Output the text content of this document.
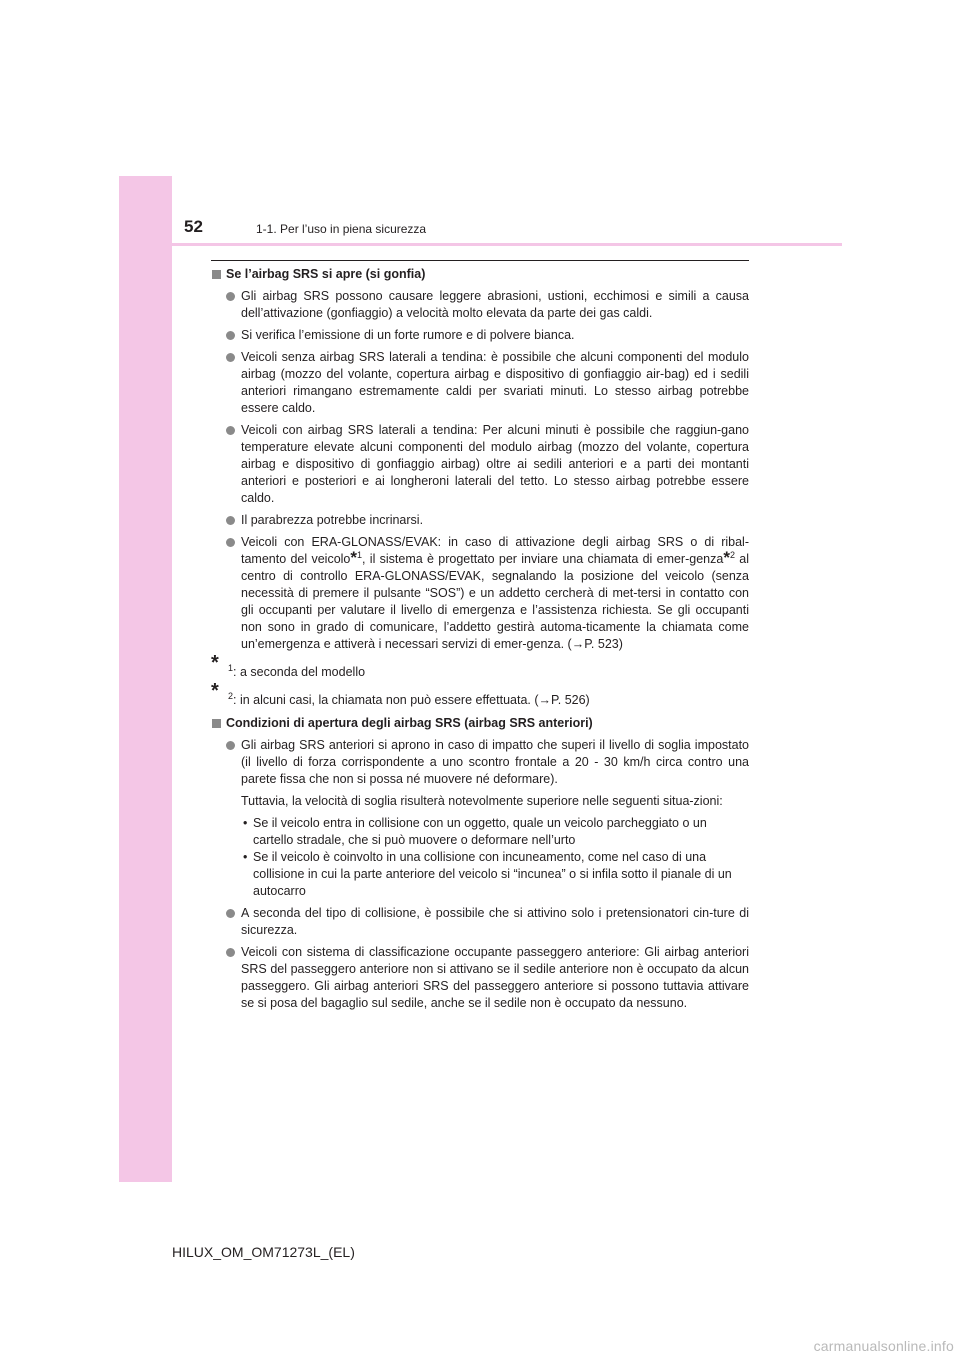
52	1-1. Per l’uso in piena sicurezza
Se l’airbag SRS si apre (si gonfia)
Gli airbag SRS possono causare leggere abrasioni, ustioni, ecchimosi e simili a causa dell’attivazione (gonfiaggio) a velocità molto elevata da parte dei gas caldi.
Si verifica l’emissione di un forte rumore e di polvere bianca.
Veicoli senza airbag SRS laterali a tendina: è possibile che alcuni componenti del modulo airbag (mozzo del volante, copertura airbag e dispositivo di gonfiaggio air-bag) ed i sedili anteriori rimangano estremamente caldi per svariati minuti. Lo stesso airbag potrebbe essere caldo.
Veicoli con airbag SRS laterali a tendina: Per alcuni minuti è possibile che raggiun-gano temperature elevate alcuni componenti del modulo airbag (mozzo del volante, copertura airbag e dispositivo di gonfiaggio airbag) oltre ai sedili anteriori e a parti dei montanti anteriori e posteriori e ai longheroni laterali del tetto. Lo stesso airbag potrebbe essere caldo.
Il parabrezza potrebbe incrinarsi.
Veicoli con ERA-GLONASS/EVAK: in caso di attivazione degli airbag SRS o di ribal-tamento del veicolo*$^1$, il sistema è progettato per inviare una chiamata di emer-genza*$^2$ al centro di controllo ERA-GLONASS/EVAK, segnalando la posizione del veicolo (senza necessità di premere il pulsante “SOS”) e un addetto cercherà di met-tersi in contatto con gli occupanti per valutare il livello di emergenza e l’assistenza richiesta. Se gli occupanti non sono in grado di comunicare, l’addetto gestirà automa-ticamente la chiamata come un’emergenza e attiverà i necessari servizi di emer-genza. (→P. 523)
* $^1$: a seconda del modello
* $^2$: in alcuni casi, la chiamata non può essere effettuata. (→P. 526)
Condizioni di apertura degli airbag SRS (airbag SRS anteriori)
Gli airbag SRS anteriori si aprono in caso di impatto che superi il livello di soglia impostato (il livello di forza corrispondente a uno scontro frontale a 20 - 30 km/h circa contro una parete fissa che non si possa né muovere né deformare).
Tuttavia, la velocità di soglia risulterà notevolmente superiore nelle seguenti situa-zioni:
• Se il veicolo entra in collisione con un oggetto, quale un veicolo parcheggiato o un cartello stradale, che si può muovere o deformare nell’urto
• Se il veicolo è coinvolto in una collisione con incuneamento, come nel caso di una collisione in cui la parte anteriore del veicolo si “incunea” o si infila sotto il pianale di un autocarro
A seconda del tipo di collisione, è possibile che si attivino solo i pretensionatori cin-ture di sicurezza.
Veicoli con sistema di classificazione occupante passeggero anteriore: Gli airbag anteriori SRS del passeggero anteriore non si attivano se il sedile anteriore non è occupato da alcun passeggero. Gli airbag anteriori SRS del passeggero anteriore si possono tuttavia attivare se si posa del bagaglio sul sedile, anche se il sedile non è occupato da nessuno.
HILUX_OM_OM71273L_(EL)
carmanualsonline.info
